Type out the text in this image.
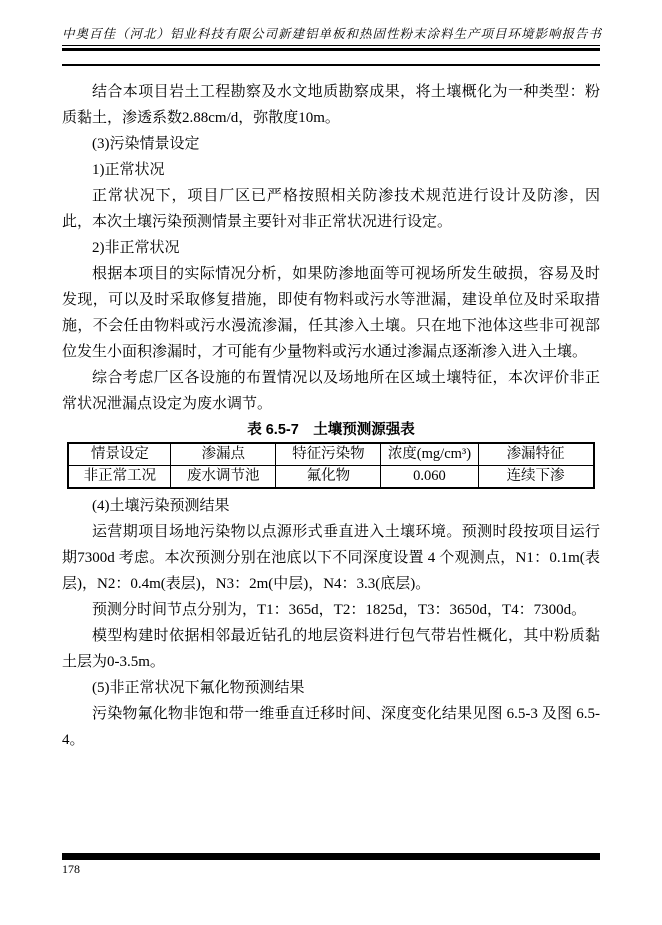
中奥百佳（河北）铝业科技有限公司新建铝单板和热固性粉末涂料生产项目环境影响报告书

结合本项目岩土工程勘察及水文地质勘察成果，将土壤概化为一种类型：粉质黏土，渗透系数2.88cm/d，弥散度10m。

(3)污染情景设定

1)正常状况

正常状况下，项目厂区已严格按照相关防渗技术规范进行设计及防渗，因此，本次土壤污染预测情景主要针对非正常状况进行设定。

2)非正常状况

根据本项目的实际情况分析，如果防渗地面等可视场所发生破损，容易及时发现，可以及时采取修复措施，即使有物料或污水等泄漏，建设单位及时采取措施，不会任由物料或污水漫流渗漏，任其渗入土壤。只在地下池体这些非可视部位发生小面积渗漏时，才可能有少量物料或污水通过渗漏点逐渐渗入进入土壤。

综合考虑厂区各设施的布置情况以及场地所在区域土壤特征，本次评价非正常状况泄漏点设定为废水调节。

表 6.5-7　土壤预测源强表

情景设定	渗漏点	特征污染物	浓度(mg/cm³)	渗漏特征
非正常工况	废水调节池	氟化物	0.060	连续下渗

(4)土壤污染预测结果

运营期项目场地污染物以点源形式垂直进入土壤环境。预测时段按项目运行期7300d 考虑。本次预测分别在池底以下不同深度设置 4 个观测点，N1：0.1m(表层)，N2：0.4m(表层)，N3：2m(中层)，N4：3.3(底层)。

预测分时间节点分别为，T1：365d，T2：1825d，T3：3650d，T4：7300d。

模型构建时依据相邻最近钻孔的地层资料进行包气带岩性概化，其中粉质黏土层为0-3.5m。

(5)非正常状况下氟化物预测结果

污染物氟化物非饱和带一维垂直迁移时间、深度变化结果见图 6.5-3 及图 6.5-4。

178
